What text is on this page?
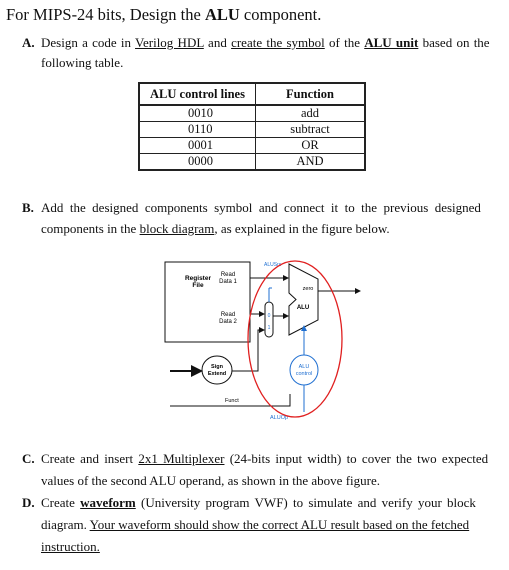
For MIPS-24 bits, Design the ALU component.
A. Design a code in Verilog HDL and create the symbol of the ALU unit based on the
following table.
ALU control lines	Function
0010	add
0110	subtract
0001	OR
0000	AND
B. Add the designed components symbol and connect it to the previous designed
components in the block diagram, as explained in the figure below.
Register
File
Read
Data 1
Read
Data 2
0
1
ALUSrc
ALU
zero
Sign
Extend
Funct
ALU
control
ALUOp
C. Create and insert 2x1 Multiplexer (24-bits input width) to cover the two expected
values of the second ALU operand, as shown in the above figure.
D. Create waveform (University program VWF) to simulate and verify your block
diagram. Your waveform should show the correct ALU result based on the fetched
instruction.
